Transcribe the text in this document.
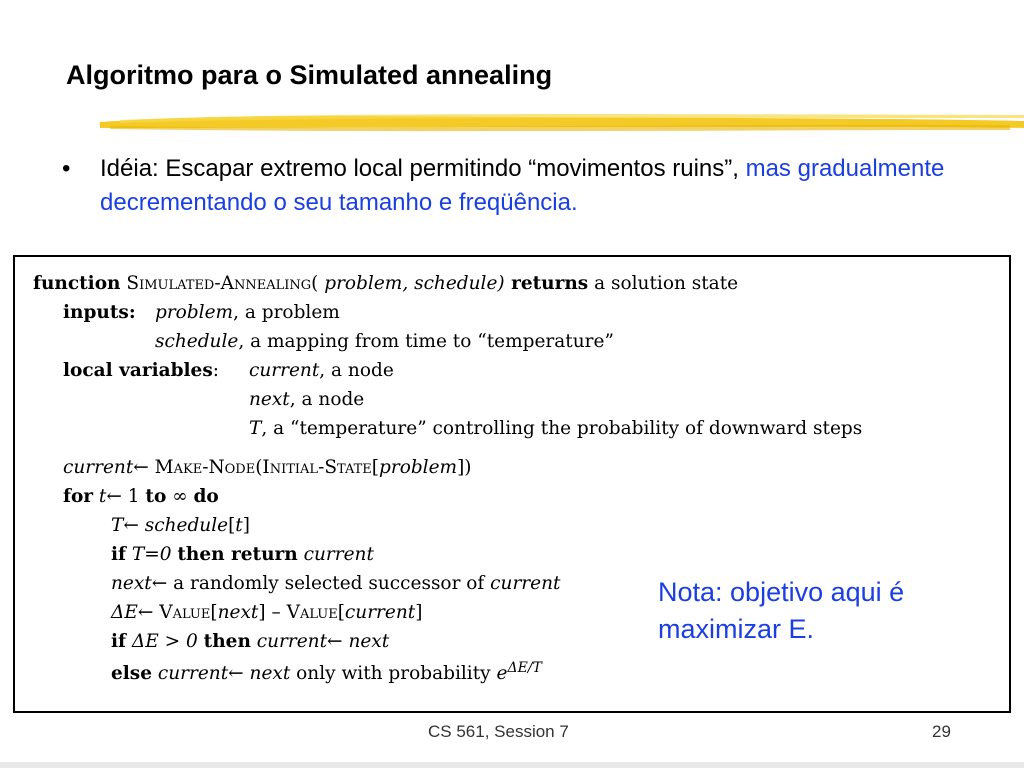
Algoritmo para o Simulated annealing
• Idéia: Escapar extremo local permitindo “movimentos ruins”, mas gradualmente decrementando o seu tamanho e freqüência.
function Simulated-Annealing( problem, schedule) returns a solution state
inputs: problem, a problem
schedule, a mapping from time to “temperature”
local variables: current, a node
next, a node
T, a “temperature” controlling the probability of downward steps
current← Make-Node(Initial-State[problem])
for t← 1 to ∞ do
T← schedule[t]
if T=0 then return current
next← a randomly selected successor of current
ΔE← Value[next] – Value[current]
if ΔE > 0 then current← next
else current← next only with probability $e^{\Delta E/T}$
Nota: objetivo aqui é
maximizar E.
CS 561, Session 7	29
